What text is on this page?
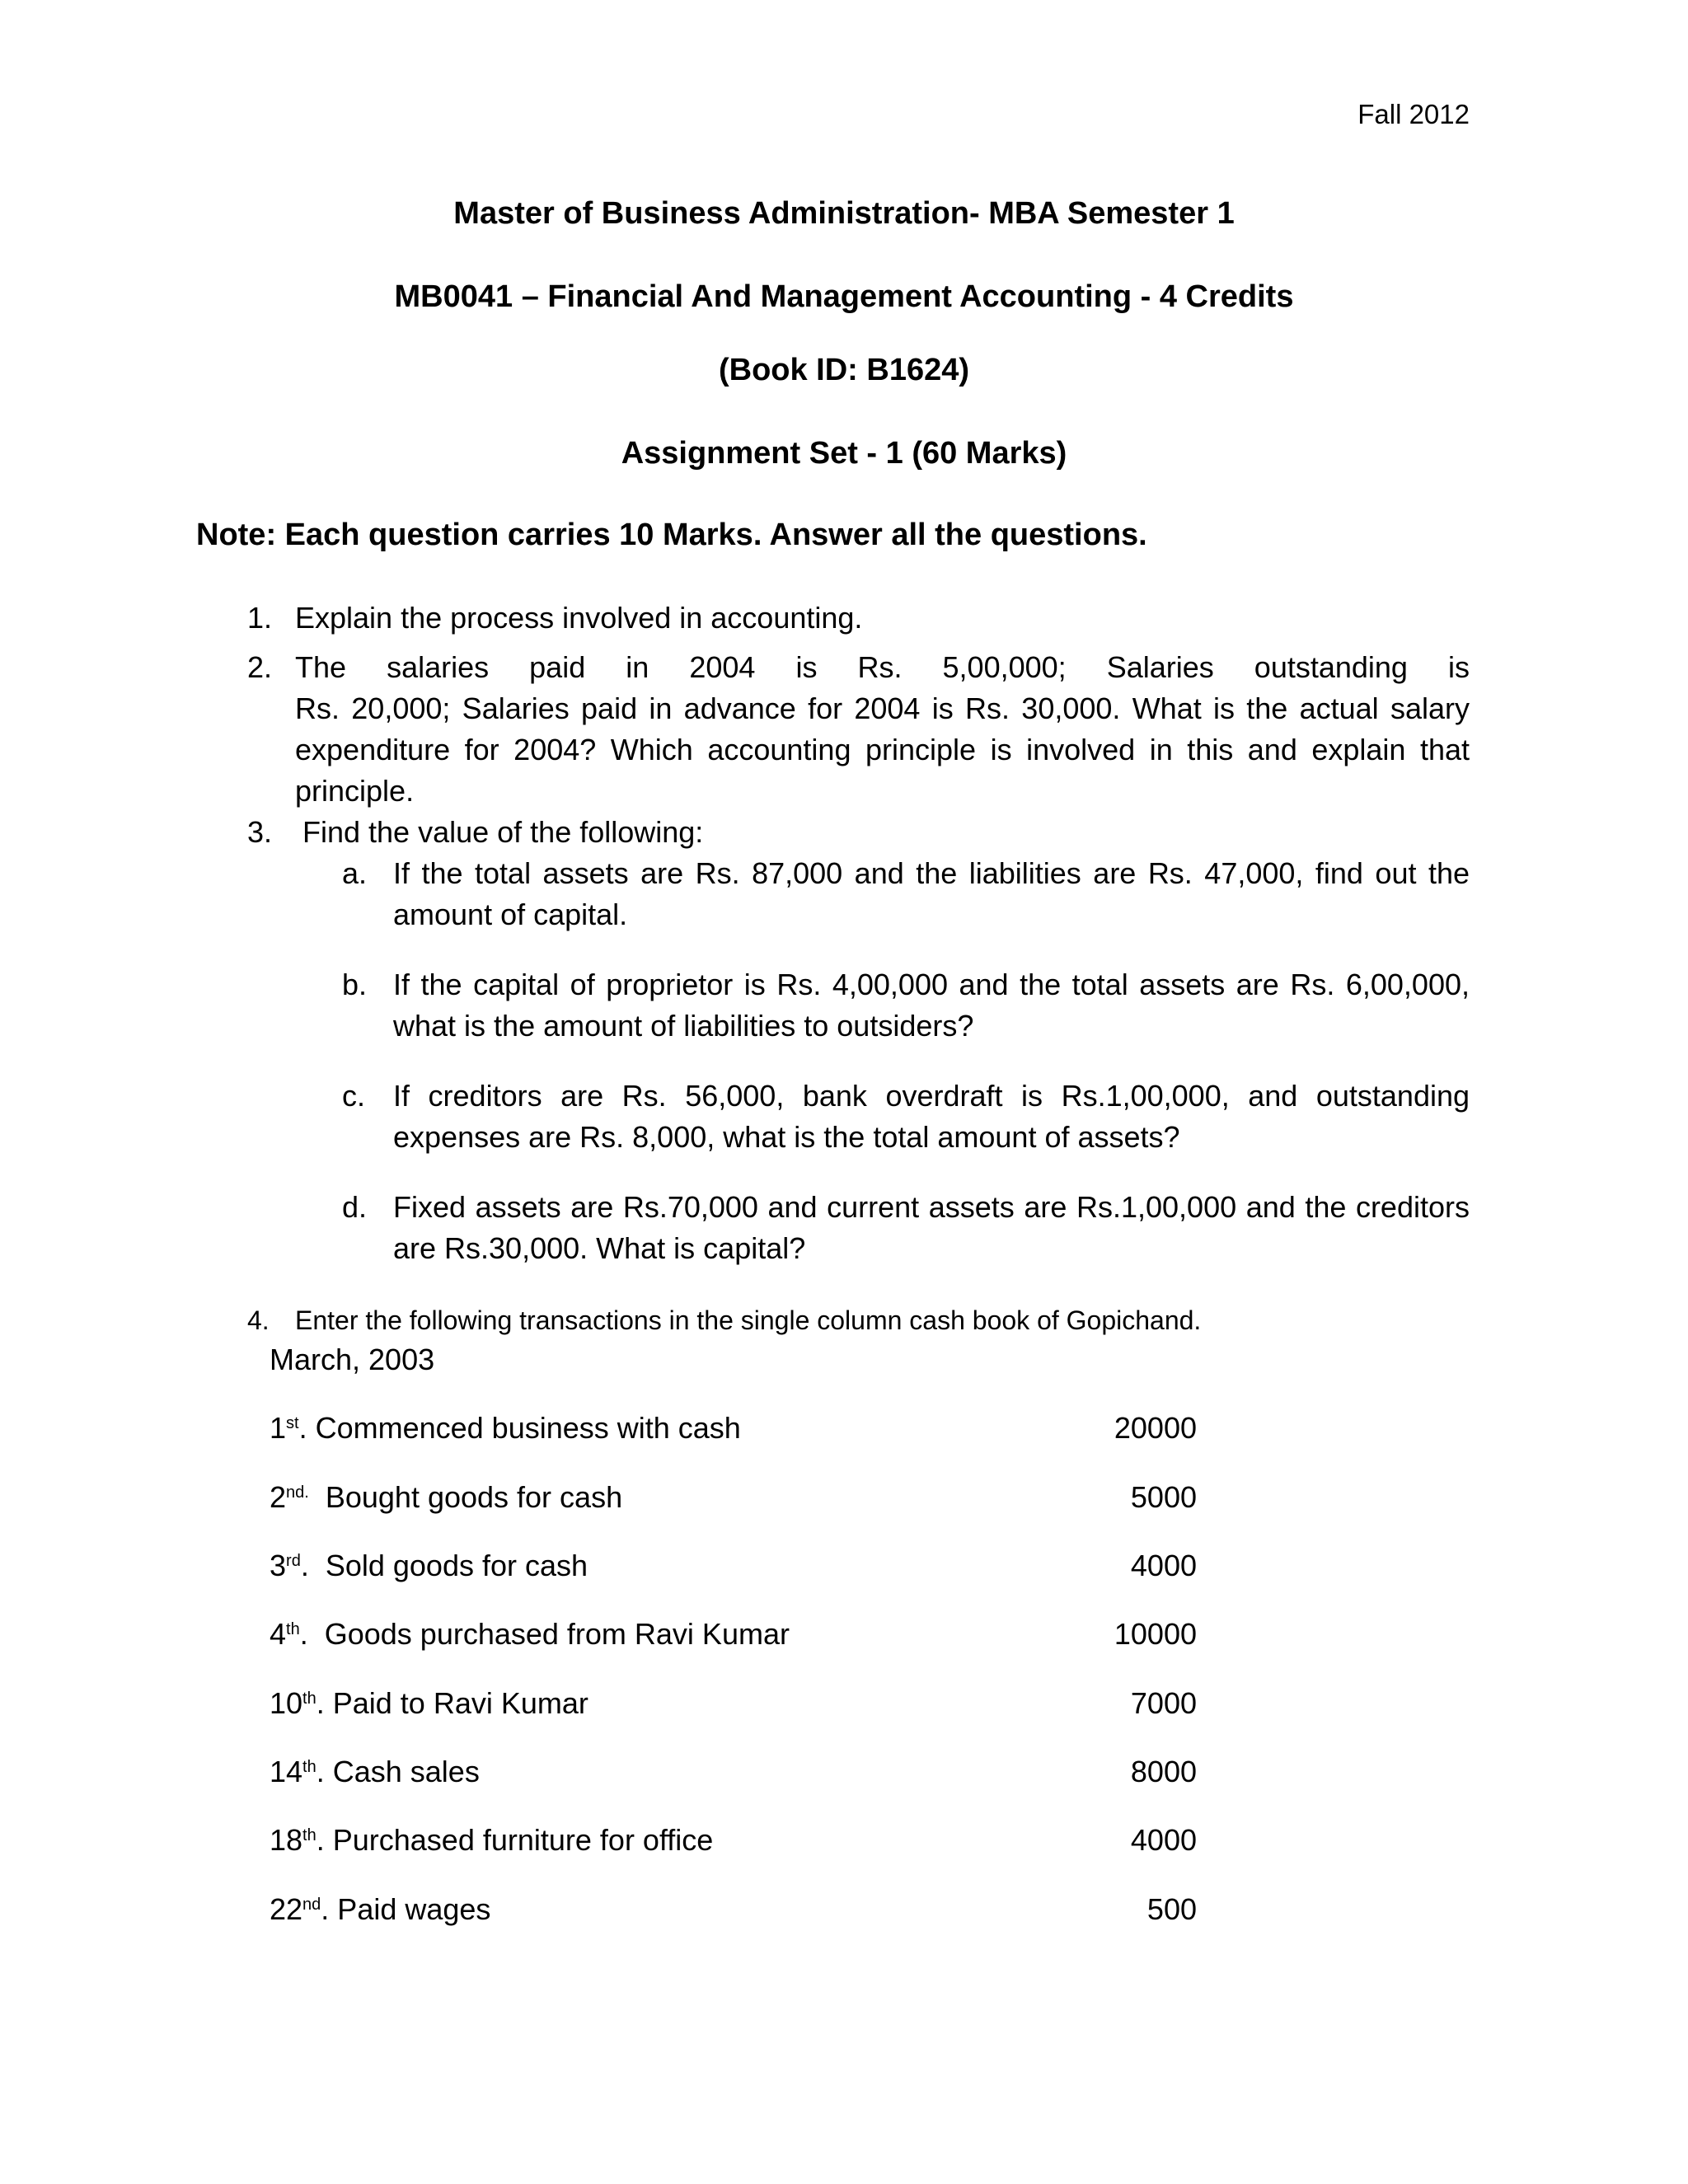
Fall 2012
Master of Business Administration- MBA Semester 1
MB0041 – Financial And Management Accounting - 4 Credits
(Book ID: B1624)
Assignment Set - 1 (60 Marks)
Note: Each question carries 10 Marks. Answer all the questions.
1. Explain the process involved in accounting.
2. The salaries paid in 2004 is Rs. 5,00,000; Salaries outstanding is
Rs. 20,000; Salaries paid in advance for 2004 is Rs. 30,000. What is the actual salary expenditure for 2004? Which accounting principle is involved in this and explain that principle.
3. Find the value of the following:
a. If the total assets are Rs. 87,000 and the liabilities are Rs. 47,000, find out the amount of capital.
b. If the capital of proprietor is Rs. 4,00,000 and the total assets are Rs. 6,00,000, what is the amount of liabilities to outsiders?
c. If creditors are Rs. 56,000, bank overdraft is Rs.1,00,000, and outstanding expenses are Rs. 8,000, what is the total amount of assets?
d. Fixed assets are Rs.70,000 and current assets are Rs.1,00,000 and the creditors are Rs.30,000. What is capital?
4. Enter the following transactions in the single column cash book of Gopichand.
March, 2003
1st. Commenced business with cash	20000
$2^{nd.}$  Bought goods for cash	5000
3rd.  Sold goods for cash	4000
4th.  Goods purchased from Ravi Kumar	10000
10th. Paid to Ravi Kumar	7000
14th. Cash sales	8000
18th. Purchased furniture for office	4000
22nd. Paid wages	500
